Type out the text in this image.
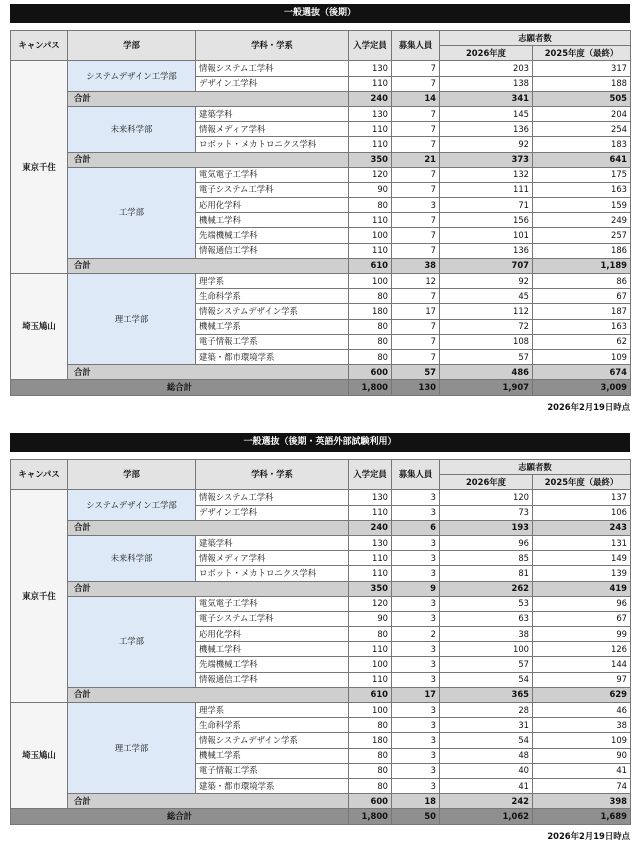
一般選抜（後期）
キャンパス	学部	学科・学系	入学定員	募集人員	志願者数	
					2026年度	2025年度（最終）
東京千住	システムデザイン工学部	情報システム工学科	130	7	203	317
		デザイン工学科	110	7	138	188
	合計		240	14	341	505
	未来科学部	建築学科	130	7	145	204
		情報メディア学科	110	7	136	254
		ロボット・メカトロニクス学科	110	7	92	183
	合計		350	21	373	641
	工学部	電気電子工学科	120	7	132	175
		電子システム工学科	90	7	111	163
		応用化学科	80	3	71	159
		機械工学科	110	7	156	249
		先端機械工学科	100	7	101	257
		情報通信工学科	110	7	136	186
	合計		610	38	707	1,189
埼玉鳩山	理工学部	理学系	100	12	92	86
		生命科学系	80	7	45	67
		情報システムデザイン学系	180	17	112	187
		機械工学系	80	7	72	163
		電子情報工学系	80	7	108	62
		建築・都市環境学系	80	7	57	109
	合計		600	57	486	674
総合計			1,800	130	1,907	3,009
2026年2月19日時点
一般選抜（後期・英語外部試験利用）
キャンパス	学部	学科・学系	入学定員	募集人員	志願者数	
					2026年度	2025年度（最終）
東京千住	システムデザイン工学部	情報システム工学科	130	3	120	137
		デザイン工学科	110	3	73	106
	合計		240	6	193	243
	未来科学部	建築学科	130	3	96	131
		情報メディア学科	110	3	85	149
		ロボット・メカトロニクス学科	110	3	81	139
	合計		350	9	262	419
	工学部	電気電子工学科	120	3	53	96
		電子システム工学科	90	3	63	67
		応用化学科	80	2	38	99
		機械工学科	110	3	100	126
		先端機械工学科	100	3	57	144
		情報通信工学科	110	3	54	97
	合計		610	17	365	629
埼玉鳩山	理工学部	理学系	100	3	28	46
		生命科学系	80	3	31	38
		情報システムデザイン学系	180	3	54	109
		機械工学系	80	3	48	90
		電子情報工学系	80	3	40	41
		建築・都市環境学系	80	3	41	74
	合計		600	18	242	398
総合計			1,800	50	1,062	1,689
2026年2月19日時点
